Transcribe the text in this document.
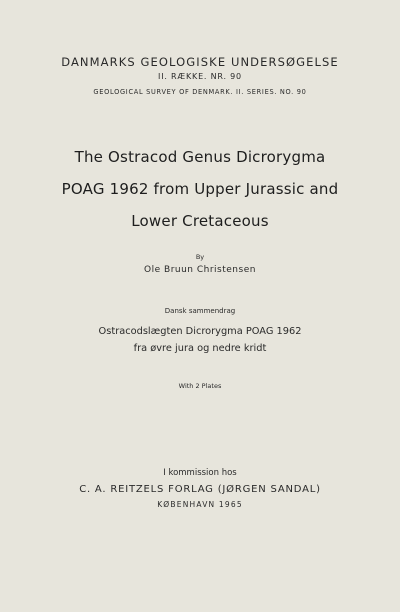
DANMARKS GEOLOGISKE UNDERSØGELSE
II. RÆKKE. NR. 90
GEOLOGICAL SURVEY OF DENMARK. II. SERIES. NO. 90
The Ostracod Genus Dicrorygma
POAG 1962 from Upper Jurassic and
Lower Cretaceous
By
Ole Bruun Christensen
Dansk sammendrag
Ostracodslægten Dicrorygma POAG 1962
fra øvre jura og nedre kridt
With 2 Plates
I kommission hos
C. A. REITZELS FORLAG (JØRGEN SANDAL)
KØBENHAVN 1965
